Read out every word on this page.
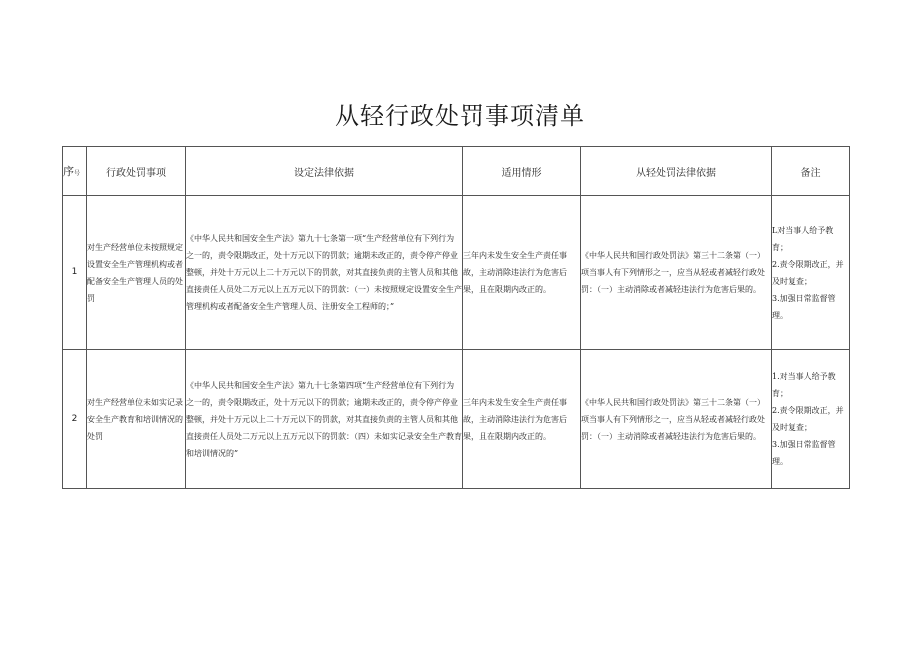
从轻行政处罚事项清单
序号	行政处罚事项	设定法律依据	适用情形	从轻处罚法律依据	备注
1	对生产经营单位未按照规定设置安全生产管理机构或者配备安全生产管理人员的处罚	《中华人民共和国安全生产法》第九十七条第一项“生产经营单位有下列行为之一的，责令限期改正，处十万元以下的罚款；逾期未改正的，责令停产停业整顿，并处十万元以上二十万元以下的罚款，对其直接负责的主管人员和其他直接责任人员处二万元以上五万元以下的罚款：（一）未按照规定设置安全生产管理机构或者配备安全生产管理人员、注册安全工程师的；”	三年内未发生安全生产责任事故，主动消除违法行为危害后果，且在限期内改正的。	《中华人民共和国行政处罚法》第三十二条第（一）项当事人有下列情形之一，应当从轻或者减轻行政处罚：（一）主动消除或者减轻违法行为危害后果的。	L对当事人给予教育；
2.责令限期改正，并及时复查；
3.加强日常监督管理。

2	对生产经营单位未如实记录安全生产教育和培训情况的处罚	《中华人民共和国安全生产法》第九十七条第四项“生产经营单位有下列行为之一的，责令限期改正，处十万元以下的罚款；逾期未改正的，责令停产停业整顿，并处十万元以上二十万元以下的罚款，对其直接负责的主管人员和其他直接责任人员处二万元以上五万元以下的罚款：（四）未如实记录安全生产教育和培训情况的”	三年内未发生安全生产责任事故，主动消除违法行为危害后果，且在限期内改正的。	《中华人民共和国行政处罚法》第三十二条第（一）项当事人有下列情形之一，应当从轻或者减轻行政处罚：（一）主动消除或者减轻违法行为危害后果的。	1.对当事人给予教育；
2.责令限期改正，并及时复查；
3.加强日常监督管理。
